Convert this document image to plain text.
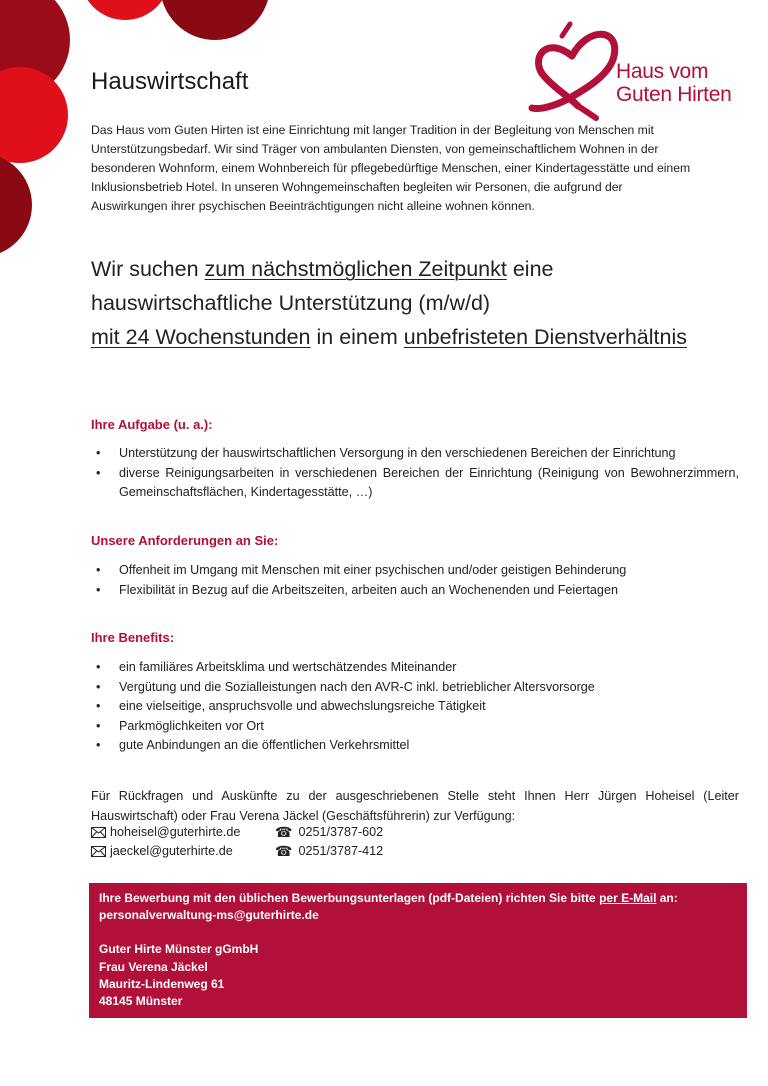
Haus vom
Guten Hirten
Hauswirtschaft
Das Haus vom Guten Hirten ist eine Einrichtung mit langer Tradition in der Begleitung von Menschen mit Unterstützungsbedarf. Wir sind Träger von ambulanten Diensten, von gemeinschaftlichem Wohnen in der besonderen Wohnform, einem Wohnbereich für pflegebedürftige Menschen, einer Kindertagesstätte und einem Inklusionsbetrieb Hotel. In unseren Wohngemeinschaften begleiten wir Personen, die aufgrund der Auswirkungen ihrer psychischen Beeinträchtigungen nicht alleine wohnen können.
Wir suchen zum nächstmöglichen Zeitpunkt eine hauswirtschaftliche Unterstützung (m/w/d)
mit 24 Wochenstunden in einem unbefristeten Dienstverhältnis
Ihre Aufgabe (u. a.):
• Unterstützung der hauswirtschaftlichen Versorgung in den verschiedenen Bereichen der Einrichtung
• diverse Reinigungsarbeiten in verschiedenen Bereichen der Einrichtung (Reinigung von Bewohnerzimmern, Gemeinschaftsflächen, Kindertagesstätte, …)
Unsere Anforderungen an Sie:
• Offenheit im Umgang mit Menschen mit einer psychischen und/oder geistigen Behinderung
• Flexibilität in Bezug auf die Arbeitszeiten, arbeiten auch an Wochenenden und Feiertagen
Ihre Benefits:
• ein familiäres Arbeitsklima und wertschätzendes Miteinander
• Vergütung und die Sozialleistungen nach den AVR-C inkl. betrieblicher Altersvorsorge
• eine vielseitige, anspruchsvolle und abwechslungsreiche Tätigkeit
• Parkmöglichkeiten vor Ort
• gute Anbindungen an die öffentlichen Verkehrsmittel
Für Rückfragen und Auskünfte zu der ausgeschriebenen Stelle steht Ihnen Herr Jürgen Hoheisel (Leiter Hauswirtschaft) oder Frau Verena Jäckel (Geschäftsführerin) zur Verfügung:
hoheisel@guterhirte.de ☎ 0251/3787-602
jaeckel@guterhirte.de	☎ 0251/3787-412
Ihre Bewerbung mit den üblichen Bewerbungsunterlagen (pdf-Dateien) richten Sie bitte per E-Mail an:
personalverwaltung-ms@guterhirte.de
Guter Hirte Münster gGmbH
Frau Verena Jäckel
Mauritz-Lindenweg 61
48145 Münster
